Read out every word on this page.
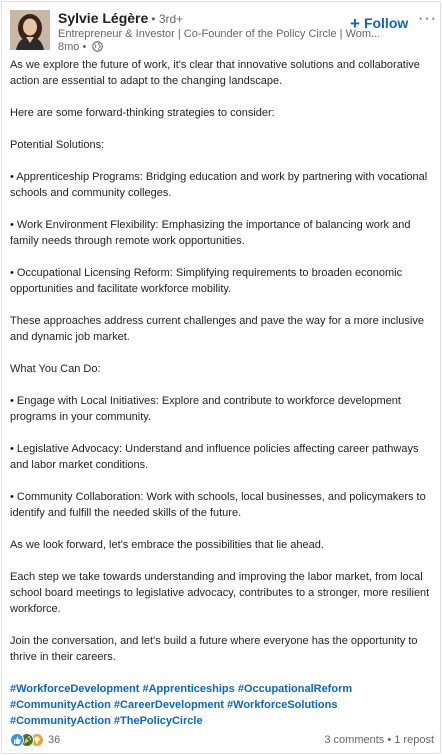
Sylvie Légère • 3rd+
Entrepreneur & Investor | Co-Founder of the Policy Circle | Wom...
8mo •
+ Follow ···

As we explore the future of work, it's clear that innovative solutions and collaborative action are essential to adapt to the changing landscape.

Here are some forward-thinking strategies to consider:

Potential Solutions:

• Apprenticeship Programs: Bridging education and work by partnering with vocational schools and community colleges.

• Work Environment Flexibility: Emphasizing the importance of balancing work and family needs through remote work opportunities.

• Occupational Licensing Reform: Simplifying requirements to broaden economic opportunities and facilitate workforce mobility.

These approaches address current challenges and pave the way for a more inclusive and dynamic job market.

What You Can Do:

• Engage with Local Initiatives: Explore and contribute to workforce development programs in your community.

• Legislative Advocacy: Understand and influence policies affecting career pathways and labor market conditions.

• Community Collaboration: Work with schools, local businesses, and policymakers to identify and fulfill the needed skills of the future.

As we look forward, let's embrace the possibilities that lie ahead.

Each step we take towards understanding and improving the labor market, from local school board meetings to legislative advocacy, contributes to a stronger, more resilient workforce.

Join the conversation, and let's build a future where everyone has the opportunity to thrive in their careers.

#WorkforceDevelopment #Apprenticeships #OccupationalReform
#CommunityAction #CareerDevelopment #WorkforceSolutions
#CommunityAction #ThePolicyCircle
36	3 comments • 1 repost
